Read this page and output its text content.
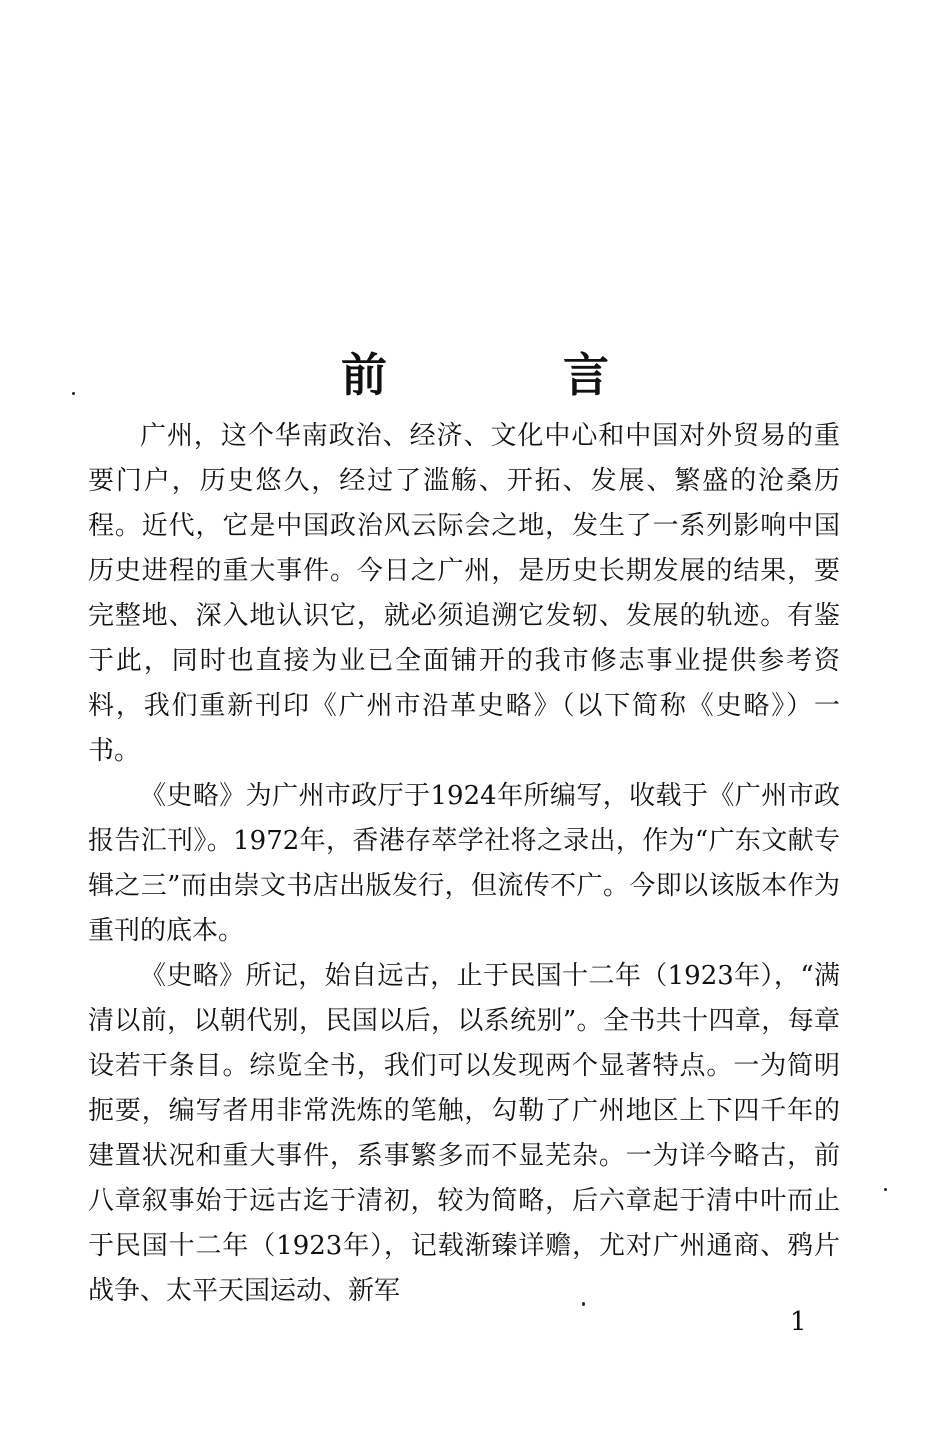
前 言

广州，这个华南政治、经济、文化中心和中国对外贸易的重要门户，历史悠久，经过了滥觞、开拓、发展、繁盛的沧桑历程。近代，它是中国政治风云际会之地，发生了一系列影响中国历史进程的重大事件。今日之广州，是历史长期发展的结果，要完整地、深入地认识它，就必须追溯它发轫、发展的轨迹。有鉴于此，同时也直接为业已全面铺开的我市修志事业提供参考资料，我们重新刊印《广州市沿革史略》（以下简称《史略》）一书。

《史略》为广州市政厅于1924年所编写，收载于《广州市政报告汇刊》。1972年，香港存萃学社将之录出，作为“广东文献专辑之三”而由崇文书店出版发行，但流传不广。今即以该版本作为重刊的底本。

《史略》所记，始自远古，止于民国十二年（1923年），“满清以前，以朝代别，民国以后，以系统别”。全书共十四章，每章设若干条目。综览全书，我们可以发现两个显著特点。一为简明扼要，编写者用非常洗炼的笔触，勾勒了广州地区上下四千年的建置状况和重大事件，系事繁多而不显芜杂。一为详今略古，前八章叙事始于远古迄于清初，较为简略，后六章起于清中叶而止于民国十二年（1923年），记载渐臻详赡，尤对广州通商、鸦片战争、太平天国运动、新军

1
